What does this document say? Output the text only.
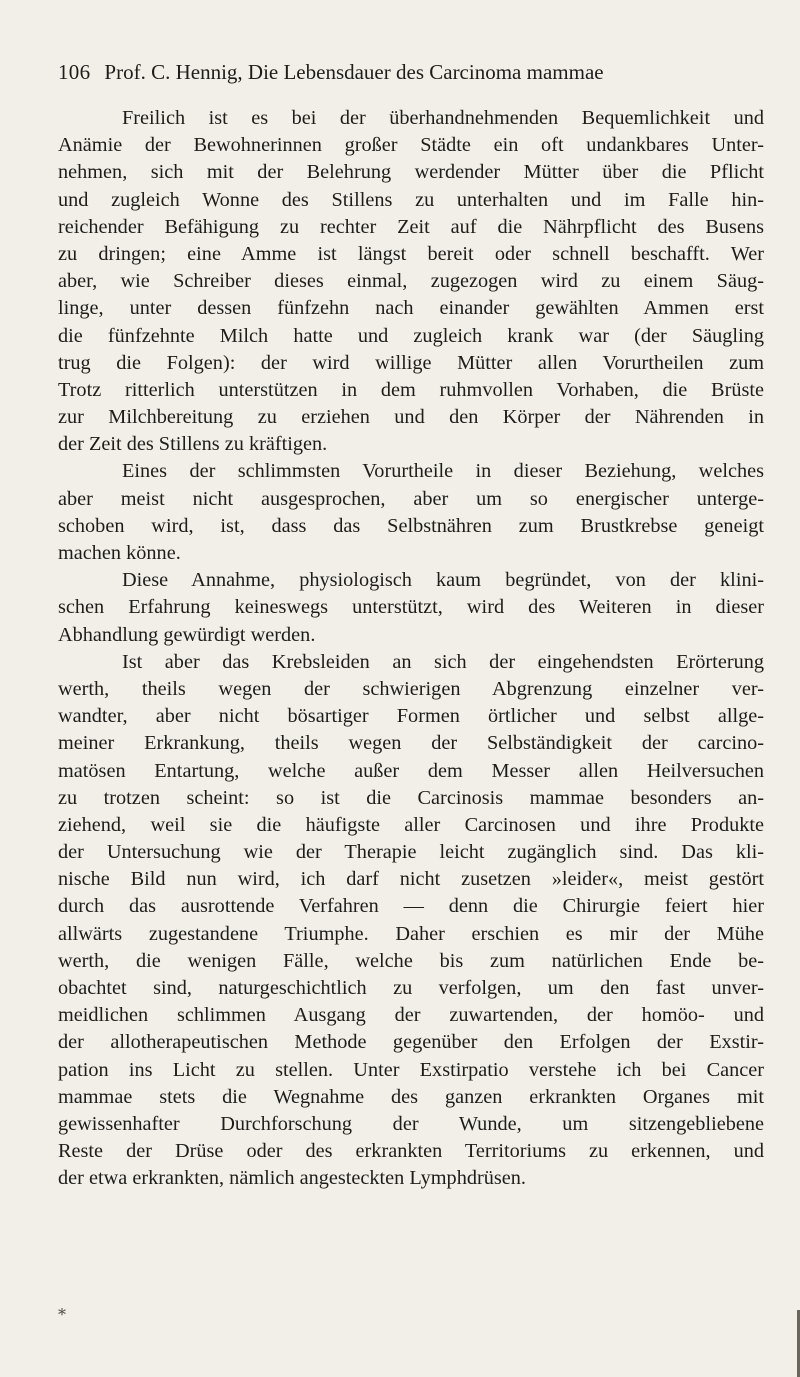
106 Prof. C. Hennig, Die Lebensdauer des Carcinoma mammae
Freilich ist es bei der überhandnehmenden Bequemlichkeit und
Anämie der Bewohnerinnen großer Städte ein oft undankbares Unter-
nehmen, sich mit der Belehrung werdender Mütter über die Pflicht
und zugleich Wonne des Stillens zu unterhalten und im Falle hin-
reichender Befähigung zu rechter Zeit auf die Nährpflicht des Busens
zu dringen; eine Amme ist längst bereit oder schnell beschafft. Wer
aber, wie Schreiber dieses einmal, zugezogen wird zu einem Säug-
linge, unter dessen fünfzehn nach einander gewählten Ammen erst
die fünfzehnte Milch hatte und zugleich krank war (der Säugling
trug die Folgen): der wird willige Mütter allen Vorurtheilen zum
Trotz ritterlich unterstützen in dem ruhmvollen Vorhaben, die Brüste
zur Milchbereitung zu erziehen und den Körper der Nährenden in
der Zeit des Stillens zu kräftigen.
Eines der schlimmsten Vorurtheile in dieser Beziehung, welches
aber meist nicht ausgesprochen, aber um so energischer unterge-
schoben wird, ist, dass das Selbstnähren zum Brustkrebse geneigt
machen könne.
Diese Annahme, physiologisch kaum begründet, von der klini-
schen Erfahrung keineswegs unterstützt, wird des Weiteren in dieser
Abhandlung gewürdigt werden.
Ist aber das Krebsleiden an sich der eingehendsten Erörterung
werth, theils wegen der schwierigen Abgrenzung einzelner ver-
wandter, aber nicht bösartiger Formen örtlicher und selbst allge-
meiner Erkrankung, theils wegen der Selbständigkeit der carcino-
matösen Entartung, welche außer dem Messer allen Heilversuchen
zu trotzen scheint: so ist die Carcinosis mammae besonders an-
ziehend, weil sie die häufigste aller Carcinosen und ihre Produkte
der Untersuchung wie der Therapie leicht zugänglich sind. Das kli-
nische Bild nun wird, ich darf nicht zusetzen »leider«, meist gestört
durch das ausrottende Verfahren — denn die Chirurgie feiert hier
allwärts zugestandene Triumphe. Daher erschien es mir der Mühe
werth, die wenigen Fälle, welche bis zum natürlichen Ende be-
obachtet sind, naturgeschichtlich zu verfolgen, um den fast unver-
meidlichen schlimmen Ausgang der zuwartenden, der homöo- und
der allotherapeutischen Methode gegenüber den Erfolgen der Exstir-
pation ins Licht zu stellen. Unter Exstirpatio verstehe ich bei Cancer
mammae stets die Wegnahme des ganzen erkrankten Organes mit
gewissenhafter Durchforschung der Wunde, um sitzengebliebene
Reste der Drüse oder des erkrankten Territoriums zu erkennen, und
der etwa erkrankten, nämlich angesteckten Lymphdrüsen.
*
